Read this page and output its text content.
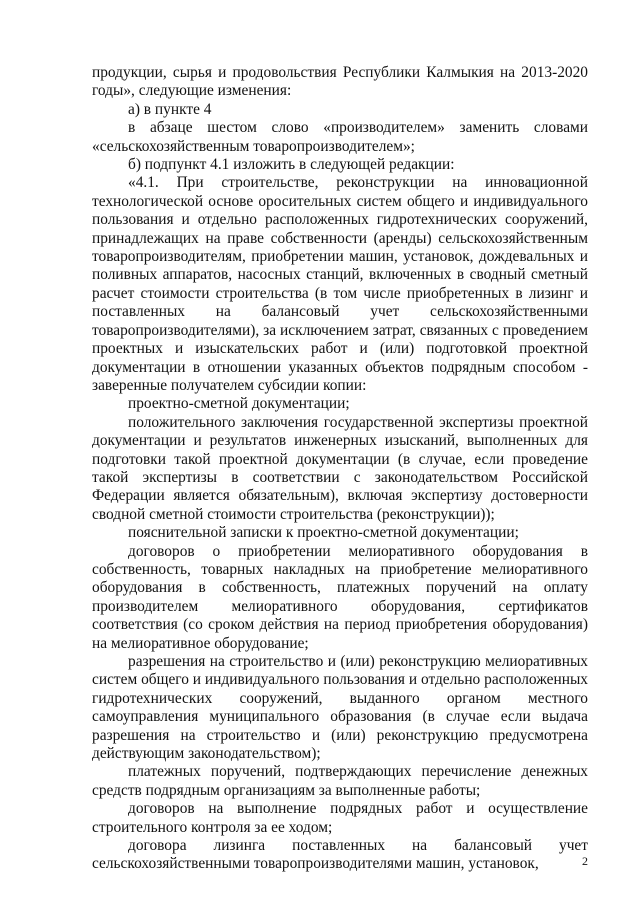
продукции, сырья и продовольствия Республики Калмыкия на 2013-2020 годы», следующие изменения:

а) в пункте 4

в абзаце шестом слово «производителем» заменить словами «сельскохозяйственным товаропроизводителем»;

б) подпункт 4.1 изложить в следующей редакции:

«4.1. При строительстве, реконструкции на инновационной технологической основе оросительных систем общего и индивидуального пользования и отдельно расположенных гидротехнических сооружений, принадлежащих на праве собственности (аренды) сельскохозяйственным товаропроизводителям, приобретении машин, установок, дождевальных и поливных аппаратов, насосных станций, включенных в сводный сметный расчет стоимости строительства (в том числе приобретенных в лизинг и поставленных на балансовый учет сельскохозяйственными товаропроизводителями), за исключением затрат, связанных с проведением проектных и изыскательских работ и (или) подготовкой проектной документации в отношении указанных объектов подрядным способом - заверенные получателем субсидии копии:

проектно-сметной документации;

положительного заключения государственной экспертизы проектной документации и результатов инженерных изысканий, выполненных для подготовки такой проектной документации (в случае, если проведение такой экспертизы в соответствии с законодательством Российской Федерации является обязательным), включая экспертизу достоверности сводной сметной стоимости строительства (реконструкции));

пояснительной записки к проектно-сметной документации;

договоров о приобретении мелиоративного оборудования в собственность, товарных накладных на приобретение мелиоративного оборудования в собственность, платежных поручений на оплату производителем мелиоративного оборудования, сертификатов соответствия (со сроком действия на период приобретения оборудования) на мелиоративное оборудование;

разрешения на строительство и (или) реконструкцию мелиоративных систем общего и индивидуального пользования и отдельно расположенных гидротехнических сооружений, выданного органом местного самоуправления муниципального образования (в случае если выдача разрешения на строительство и (или) реконструкцию предусмотрена действующим законодательством);

платежных поручений, подтверждающих перечисление денежных средств подрядным организациям за выполненные работы;

договоров на выполнение подрядных работ и осуществление строительного контроля за ее ходом;

договора лизинга поставленных на балансовый учет сельскохозяйственными товаропроизводителями машин, установок,	2
